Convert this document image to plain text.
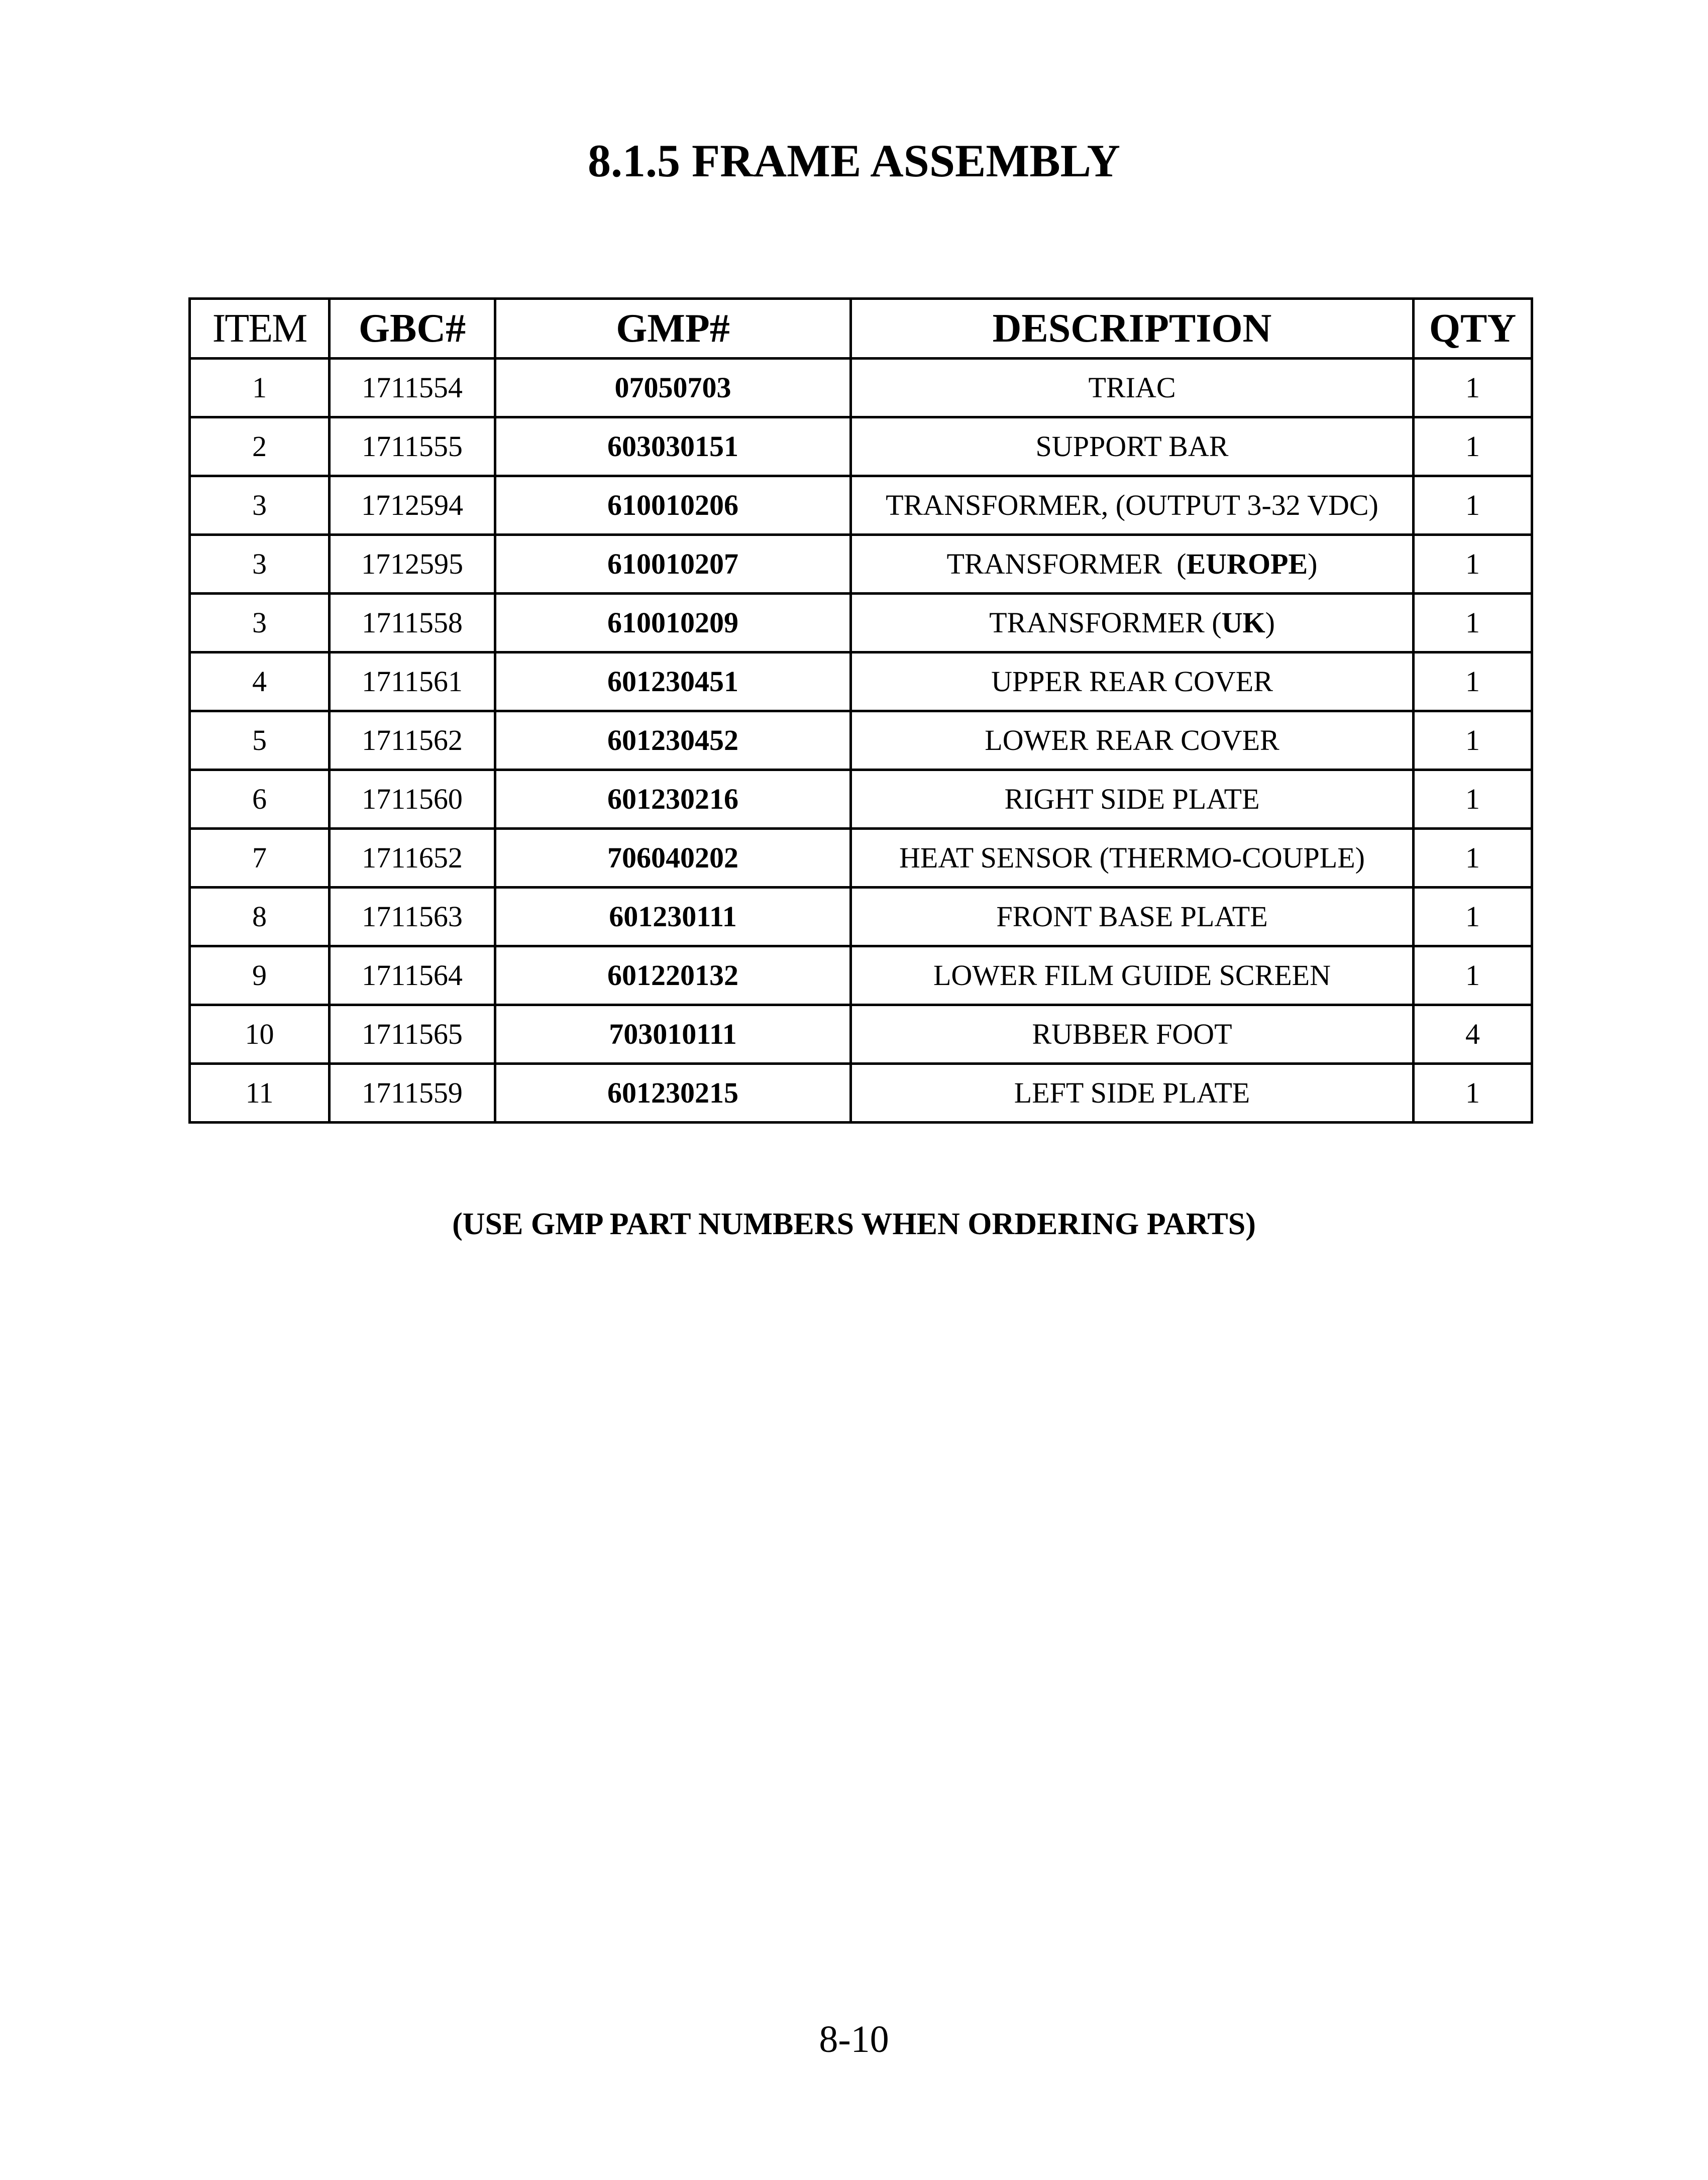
8.1.5 FRAME ASSEMBLY
ITEM	GBC#	GMP#	DESCRIPTION	QTY
1	1711554	07050703	TRIAC	1
2	1711555	603030151	SUPPORT BAR	1
3	1712594	610010206	TRANSFORMER, (OUTPUT 3-32 VDC)	1
3	1712595	610010207	TRANSFORMER  (EUROPE)	1
3	1711558	610010209	TRANSFORMER (UK)	1
4	1711561	601230451	UPPER REAR COVER	1
5	1711562	601230452	LOWER REAR COVER	1
6	1711560	601230216	RIGHT SIDE PLATE	1
7	1711652	706040202	HEAT SENSOR (THERMO-COUPLE)	1
8	1711563	601230111	FRONT BASE PLATE	1
9	1711564	601220132	LOWER FILM GUIDE SCREEN	1
10	1711565	703010111	RUBBER FOOT	4
11	1711559	601230215	LEFT SIDE PLATE	1

(USE GMP PART NUMBERS WHEN ORDERING PARTS)

8-10
